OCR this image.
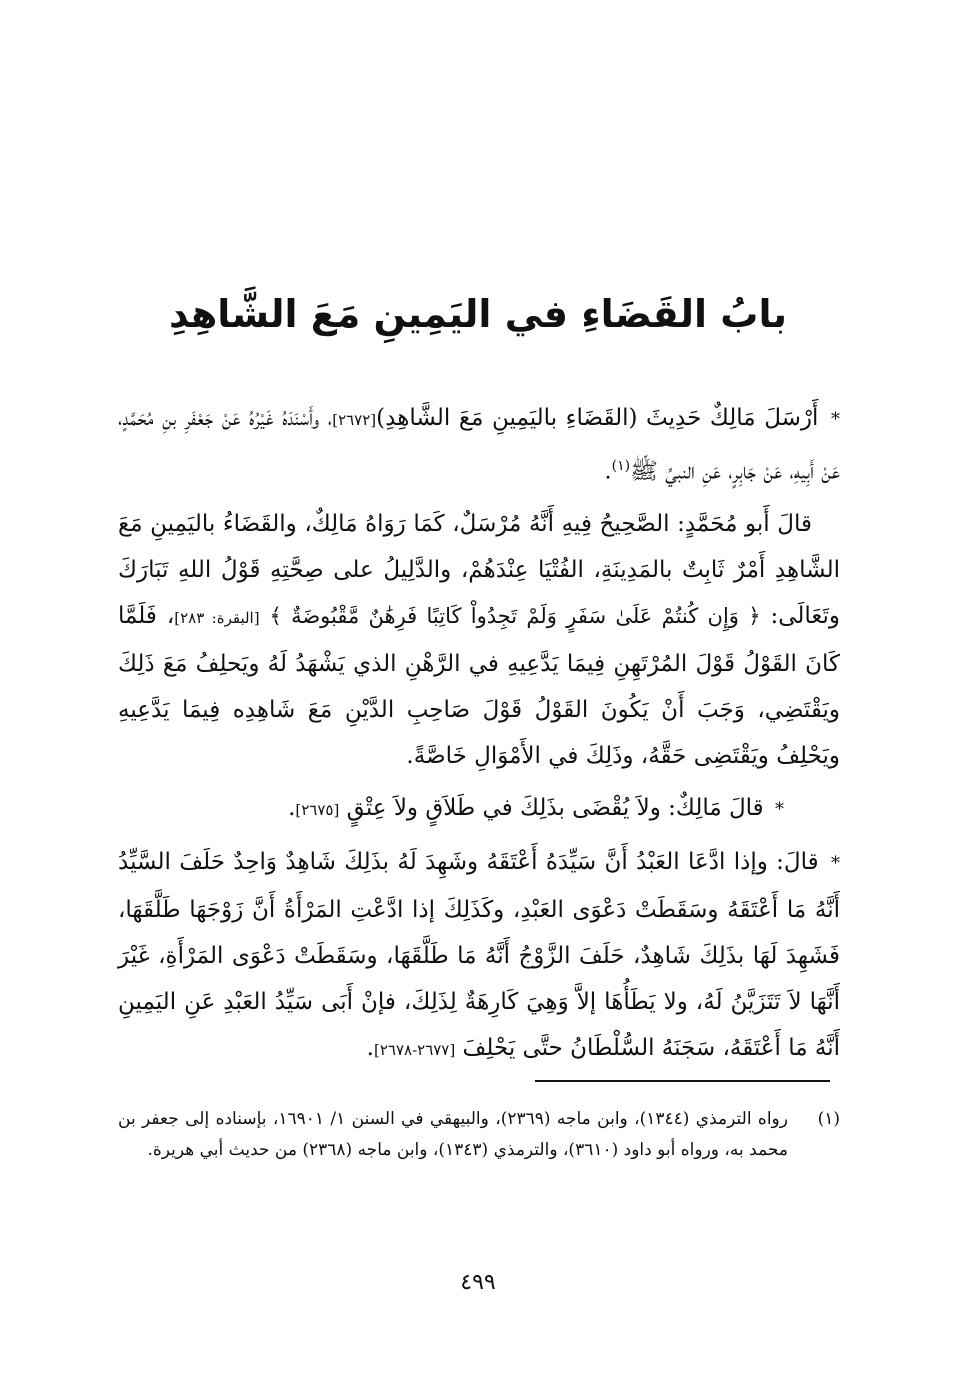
بابُ القَضَاءِ في اليَمِينِ مَعَ الشَّاهِدِ

* أَرْسَلَ مَالِكٌ حَدِيثَ (القَضَاءِ باليَمِينِ مَعَ الشَّاهِدِ)[٢٦٧٢]، وأَسْنَدَهُ غَيْرُهُ عَنْ جَعْفَرِ بنِ مُحَمَّدٍ، عَنْ أَبِيهِ، عَنْ جَابِرٍ، عَنِ النبيِّ ﷺ$^{(١)}$.

قالَ أَبو مُحَمَّدٍ: الصَّحِيحُ فِيهِ أَنَّهُ مُرْسَلٌ، كَمَا رَوَاهُ مَالِكٌ، والقَضَاءُ باليَمِينِ مَعَ الشَّاهِدِ أَمْرٌ ثَابِتٌ بالمَدِينَةِ، الفُتْيَا عِنْدَهُمْ، والدَّلِيلُ على صِحَّتِهِ قَوْلُ اللهِ تَبَارَكَ وتَعَالَى: ﴿ وَإِن كُنتُمْ عَلَىٰ سَفَرٍ وَلَمْ تَجِدُواْ كَاتِبًا فَرِهَٰنٌ مَّقْبُوضَةٌ ﴾ [البقرة: ٢٨٣]، فَلَمَّا كَانَ القَوْلُ قَوْلَ المُرْتَهِنِ فِيمَا يَدَّعِيهِ في الرَّهْنِ الذي يَشْهَدُ لَهُ ويَحلِفُ مَعَ ذَلِكَ ويَقْتَضِي، وَجَبَ أَنْ يَكُونَ القَوْلُ قَوْلَ صَاحِبِ الدَّيْنِ مَعَ شَاهِدِه فِيمَا يَدَّعِيهِ ويَحْلِفُ ويَقْتَضِى حَقَّهُ، وذَلِكَ في الأَمْوَالِ خَاصَّةً.

* قالَ مَالِكٌ: ولاَ يُقْضَى بذَلِكَ في طَلاَقٍ ولاَ عِتْقٍ [٢٦٧٥].

* قالَ: وإذا ادَّعَا العَبْدُ أَنَّ سَيِّدَهُ أَعْتَقَهُ وشَهِدَ لَهُ بذَلِكَ شَاهِدٌ وَاحِدٌ حَلَفَ السَّيِّدُ أَنَّهُ مَا أَعْتَقَهُ وسَقَطَتْ دَعْوَى العَبْدِ، وكَذَلِكَ إذا ادَّعْتِ المَرْأَةُ أَنَّ زَوْجَهَا طَلَّقَهَا، فَشَهِدَ لَهَا بذَلِكَ شَاهِدٌ، حَلَفَ الزَّوْجُ أَنَّهُ مَا طَلَّقَهَا، وسَقَطَتْ دَعْوَى المَرْأَةِ، غَيْرَ أَنَّهَا لاَ تَتَزَيَّنُ لَهُ، ولا يَطَأُهَا إلاَّ وَهِيَ كَارِهَةٌ لِذَلِكَ، فإنْ أَبَى سَيِّدُ العَبْدِ عَنِ اليَمِينِ أَنَّهُ مَا أَعْتَقَهُ، سَجَنَهُ السُّلْطَانُ حتَّى يَحْلِفَ [٢٦٧٧-٢٦٧٨].

(١)
رواه الترمذي (١٣٤٤)، وابن ماجه (٢٣٦٩)، والبيهقي في السنن ١/ ١٦٩٠١، بإسناده إلى جعفر بن محمد به، ورواه أبو داود (٣٦١٠)، والترمذي (١٣٤٣)، وابن ماجه (٢٣٦٨) من حديث أبي هريرة.
٤٩٩
